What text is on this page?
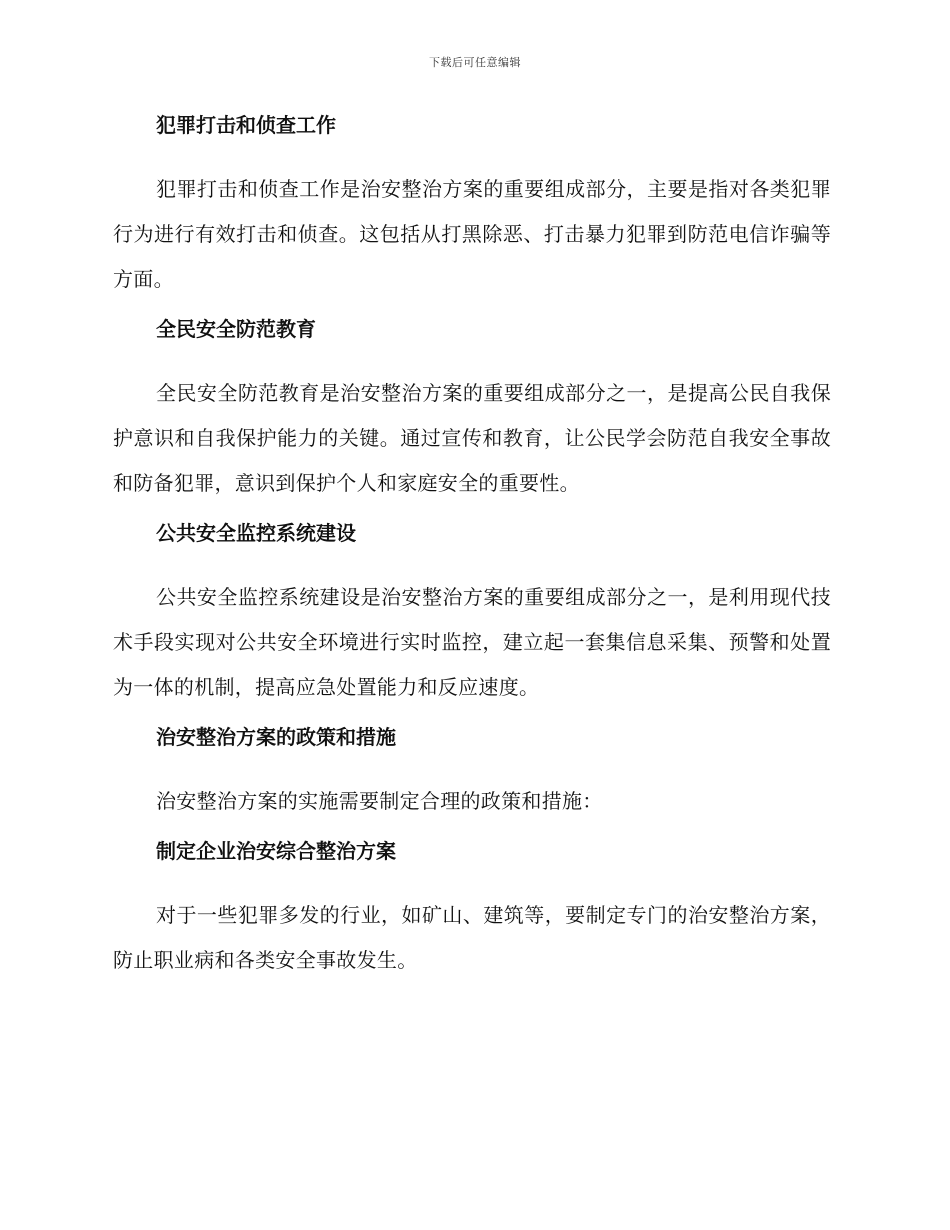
下载后可任意编辑
犯罪打击和侦查工作
犯罪打击和侦查工作是治安整治方案的重要组成部分，主要是指对各类犯罪行为进行有效打击和侦查。这包括从打黑除恶、打击暴力犯罪到防范电信诈骗等方面。
全民安全防范教育
全民安全防范教育是治安整治方案的重要组成部分之一，是提高公民自我保护意识和自我保护能力的关键。通过宣传和教育，让公民学会防范自我安全事故和防备犯罪，意识到保护个人和家庭安全的重要性。
公共安全监控系统建设
公共安全监控系统建设是治安整治方案的重要组成部分之一，是利用现代技术手段实现对公共安全环境进行实时监控，建立起一套集信息采集、预警和处置为一体的机制，提高应急处置能力和反应速度。
治安整治方案的政策和措施
治安整治方案的实施需要制定合理的政策和措施：
制定企业治安综合整治方案
对于一些犯罪多发的行业，如矿山、建筑等，要制定专门的治安整治方案，防止职业病和各类安全事故发生。
